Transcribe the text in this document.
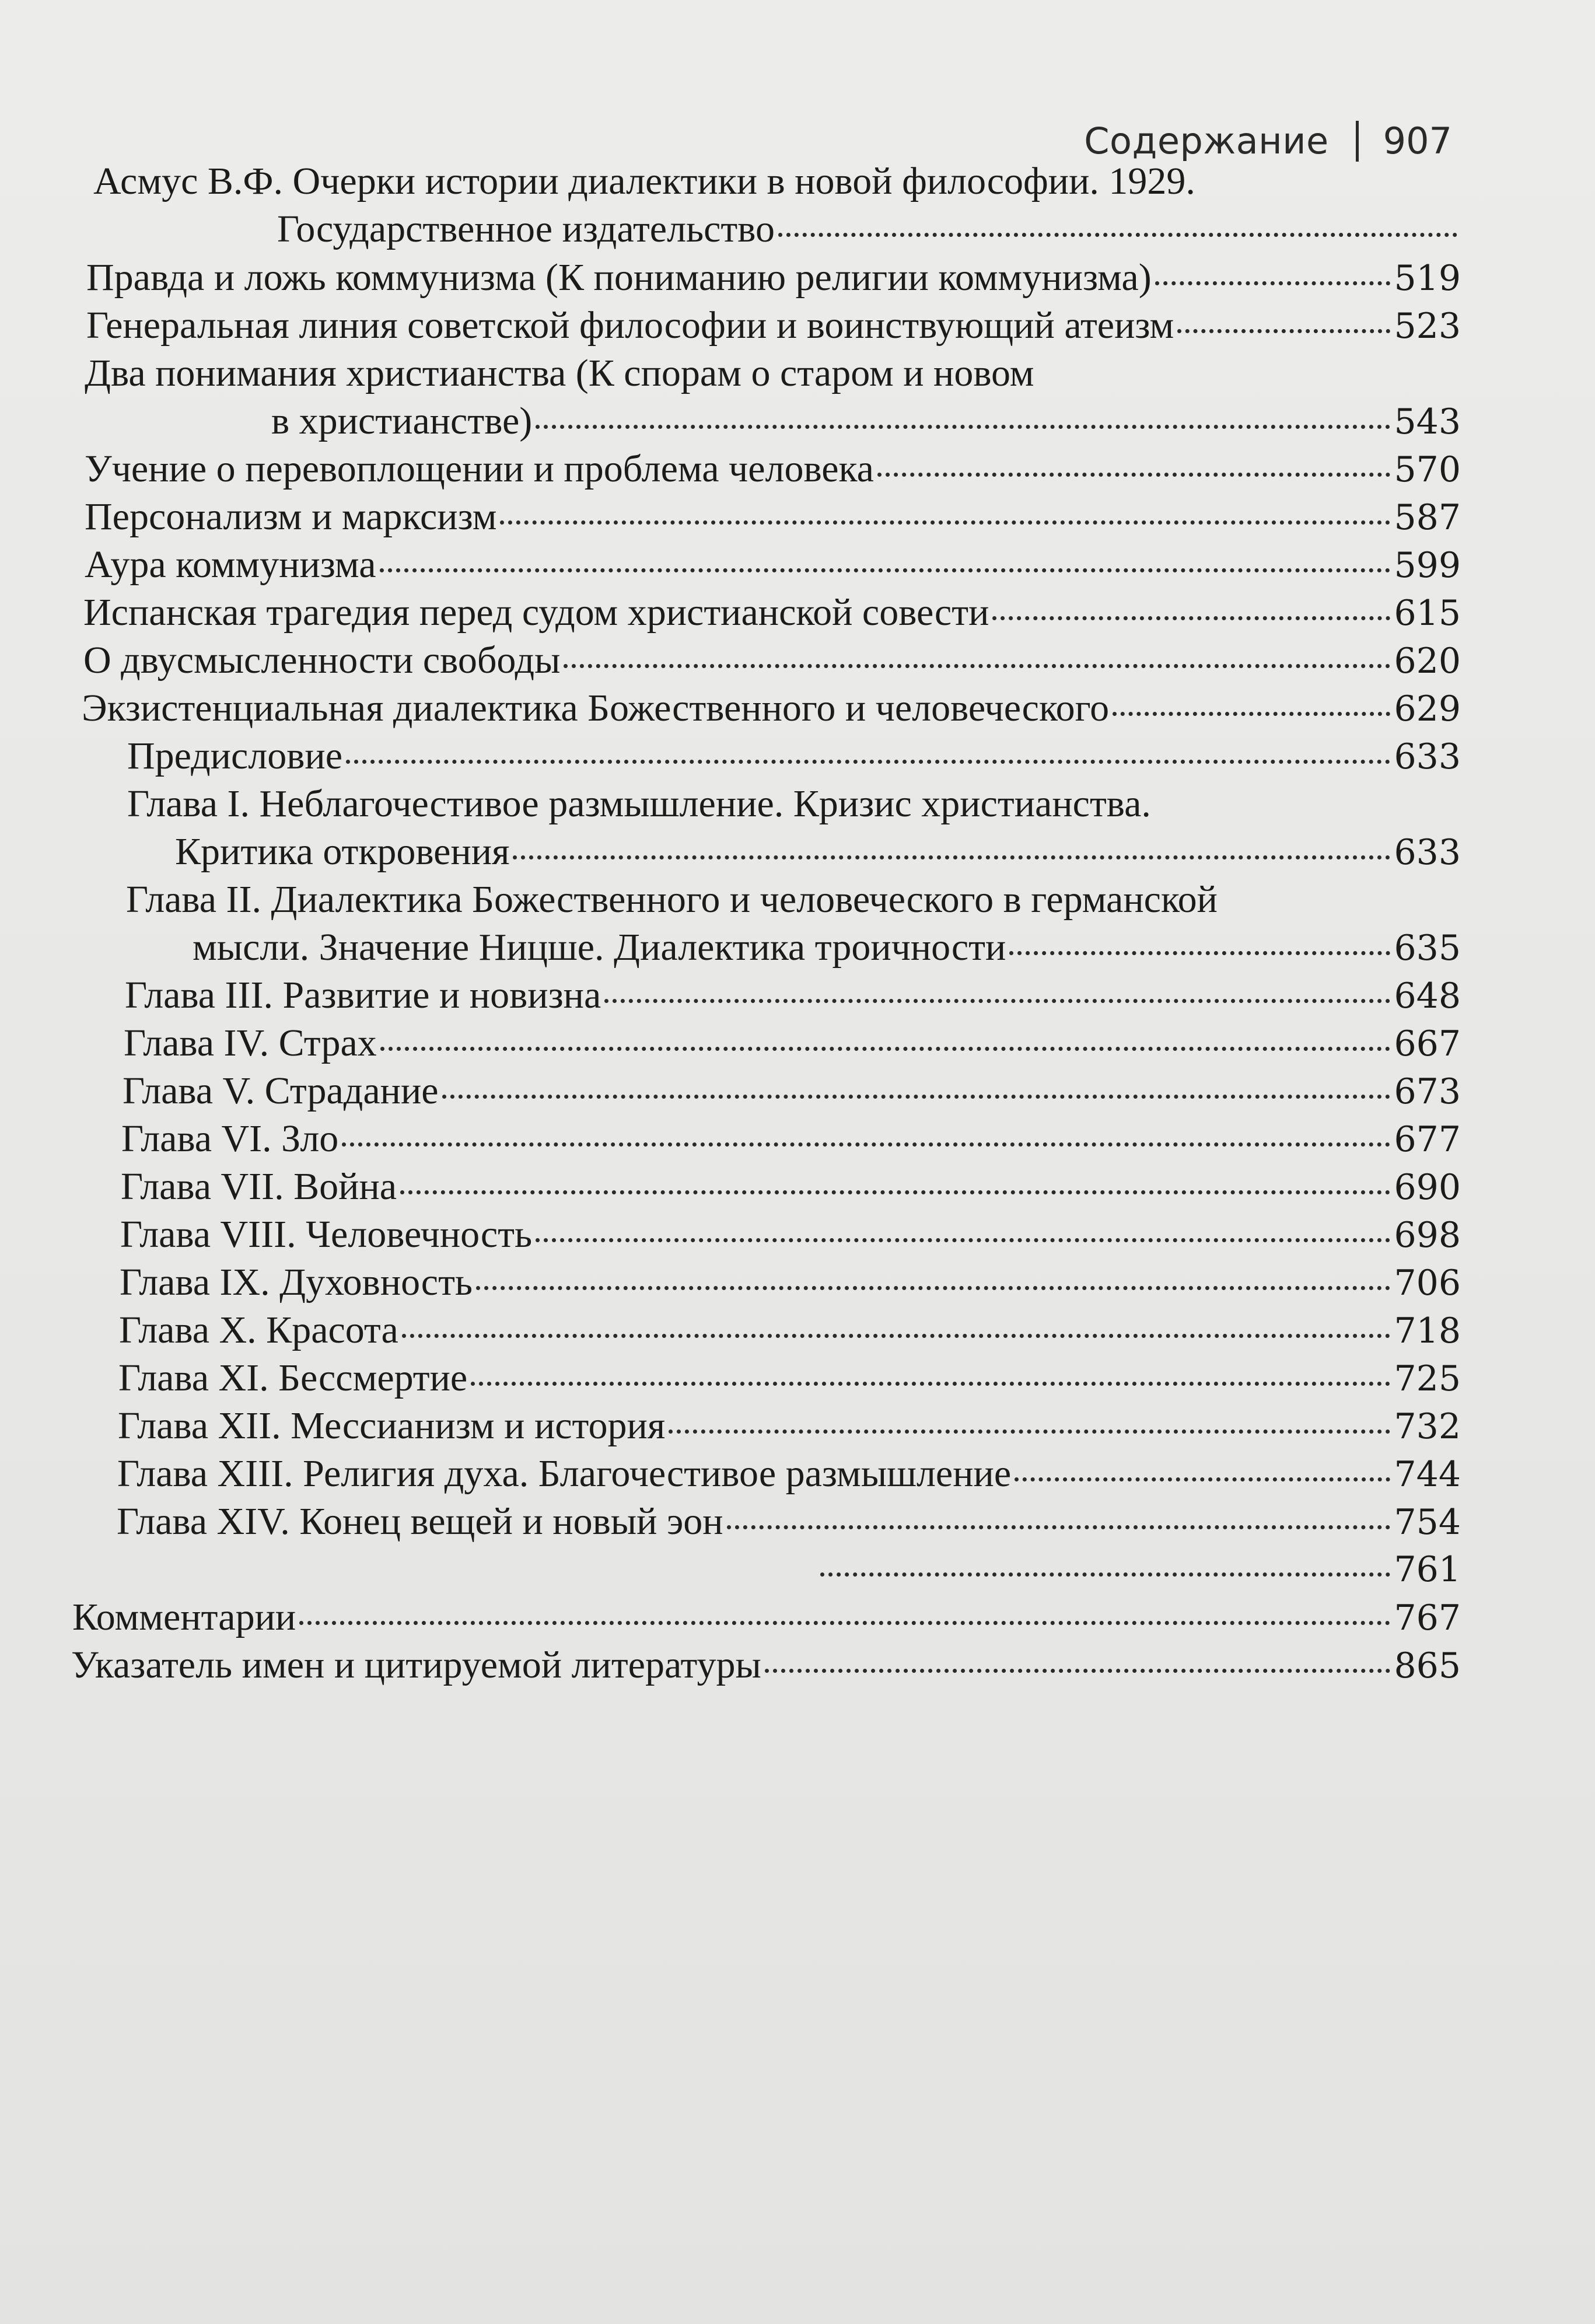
Содержание 907
Асмус В.Ф. Очерки истории диалектики в новой философии. 1929.
Государственное издательство
Правда и ложь коммунизма (К пониманию религии коммунизма)	519
Генеральная линия советской философии и воинствующий атеизм	523
Два понимания христианства (К спорам о старом и новом
в христианстве)	543
Учение о перевоплощении и проблема человека	570
Персонализм и марксизм	587
Аура коммунизма	599
Испанская трагедия перед судом христианской совести	615
О двусмысленности свободы	620
Экзистенциальная диалектика Божественного и человеческого	629
Предисловие	633
Глава I. Неблагочестивое размышление. Кризис христианства.
Критика откровения	633
Глава II. Диалектика Божественного и человеческого в германской
мысли. Значение Ницше. Диалектика троичности	635
Глава III. Развитие и новизна	648
Глава IV. Страх	667
Глава V. Страдание	673
Глава VI. Зло	677
Глава VII. Война	690
Глава VIII. Человечность	698
Глава IX. Духовность	706
Глава X. Красота	718
Глава XI. Бессмертие	725
Глава XII. Мессианизм и история	732
Глава XIII. Религия духа. Благочестивое размышление	744
Глава XIV. Конец вещей и новый эон	754
761
Комментарии	767
Указатель имен и цитируемой литературы	865
